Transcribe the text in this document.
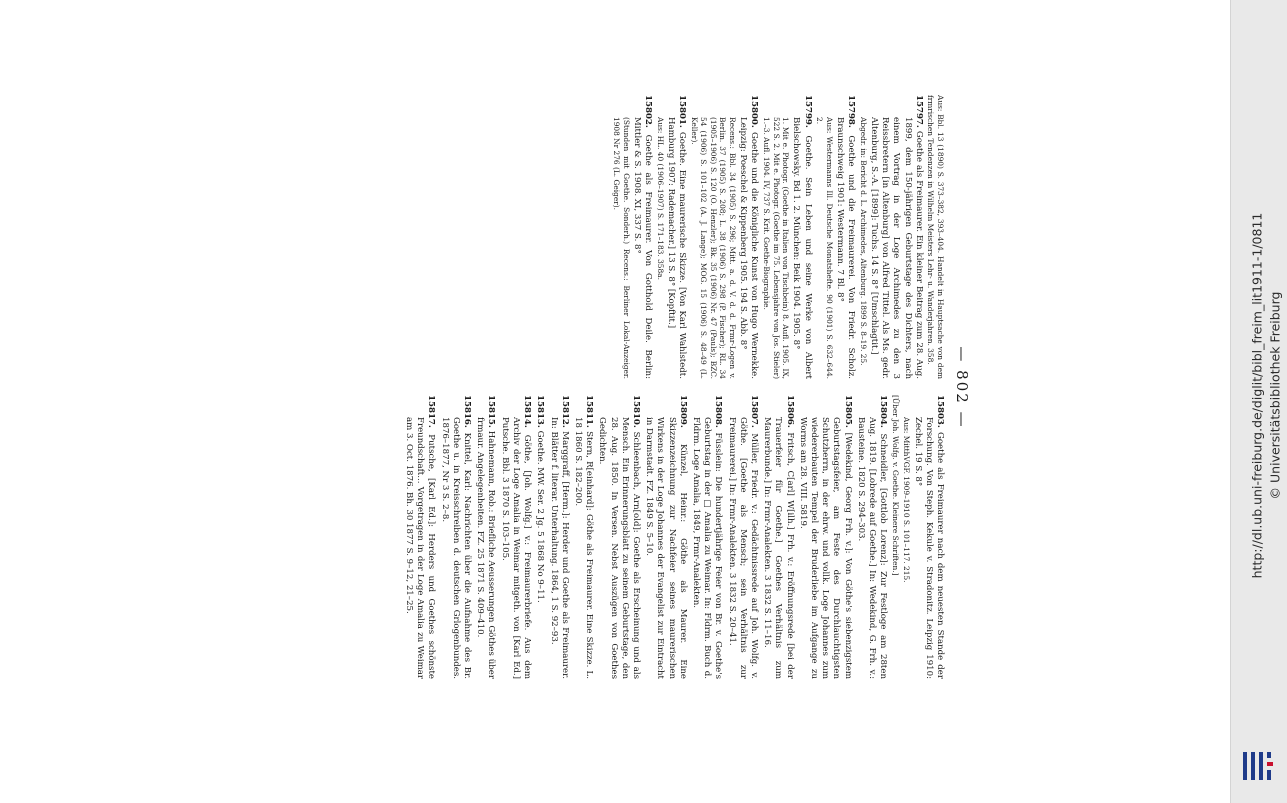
— 802 —
Aus: Bbl. 13 (1890) S. 373–382, 393–404. Handelt in Hauptsache von dem frmrischen Tendenzen in Wilhelm Meisters Lehr- u. Wanderjahren. 358.
15797. Goethe als Freimaurer. Ein kleiner Beitrag zum 28. Aug. 1899, dem 150-jährigen Geburtstage des Dichters, nach einem Vortrag in der Loge Archimedes zu den 3 Reissbretern [in Altenburg] von Alfred Tittel. Als Ms. gedr. Altenburg, S.-A. [1899]: Tuchs. 14 S. 8° [Umschlagtit.]
Abgedr. in: Bericht d. L. Archimedes, Altenburg. 1899 S. 8–19. 25.
15798. Goethe und die Freimaurerei. Von Friedr. Scholz. Braunschweig 1901: Westermann. 7 Bl. 8°
Aus: Westermanns Ill. Deutsche Monatshefte. 90 (1901) S. 632–644. 2.
15799. Goethe. Sein Leben und seine Werke von Albert Bielschowsky. Bd 1. 2. München: Beik 1904. 1905. 8°
1. Mit e. Photogr. (Goethe in Italien von Tischbein) 8. Aufl. 1905. IX, 522 S. 2. Mit e. Photogr. (Goethe im 75. Lebensjahre von Jos. Stieler) 1.–3. Aufl. 1904. IV, 737 S. Krit. Goethe-Biographie.
15800. Goethe und die Königliche Kunst von Hugo Wernekke. Leipzig: Poeschel & Kippenberg 1905. 194 S. Abb. 8°
Recens.: Bbl. 34 (1905) S. 296; Mitt. a. d. V. d. d. Frmr-Logen v. Berlin. 37 (1905) S. 208; L. 38 (1906) S. 298 (P. Fischer); RL. 34 (1905–1906) S. 120 (O. Henzler); Bk. 35 (1906) Nr. 47 (Pauls); BZC. 54 (1906) S. 101–102 (A. J. Lange); MOG. 15 (1906) S. 48–49 (L. Keller).
15801. Goethe. Eine maurerische Skizze. [Von Karl Wahlstedt. Hamburg 1907: Rademacher.] 13 S. 8° [Kopftit.]
Aus: HL. 40 (1906–1907) S. 171–183. 358a.
15802. Goethe als Freimaurer. Von Gotthold Deile. Berlin: Mittler & S. 1908. XI, 337 S. 8°
(Stunden mit Goethe. Sonderh.) Recens.: Berliner Lokal-Anzeiger. 1908 Nr 276 (L. Geiger).
15803. Goethe als Freimaurer nach dem neuesten Stande der Forschung. Von Steph. Kekule v. Stradonitz. Leipzig 1910: Zechel. 19 S. 8°
Aus: MitthVGF. 1909–1910 S. 101–117. 215.
[Über Joh. Wolfg. v. Goethe. Kleinere Schriften.]
15804. Schneidler, [Gottlob Lorenz]: Zur Festloge am 28ten Aug. 1819. [Lobrede auf Goethe.] In: Wedekind, G. Frh. v.: Bausteine. 1820 S. 294–303.
15805. [Wedekind, Georg Frh. v.]: Von Göthe's siebenzigstem Geburtstagsfeier, am Feste des Durchlauchtigsten Schutzherrn, in der ehrw. und vollk. Loge Johannes zum wiedererbauten Tempel der Bruderliebe im Aufgange zu Worms am 28. VIII. 5819.
15806. Fritsch, C[arl] W[ilh.] Frh. v.: Eröffnungsrede [bei der Trauerfeier für Goethe.] Goethes Verhältnis zum Maurerbunde.] In: Frmr-Analekten. 3 1832 S. 11–16.
15807. Müller, Friedr. v.: Gedächtnissrede auf Joh. Wolfg. v. Göthe. [Goethe als Mensch; sein Verhältnis zur Freimaurerei.] In: Frmr-Analekten. 3 1832 S. 20–41.
15808. Füsslein: Die hundertjährige Feier von Br. v. Goethe's Geburtstag in der □ Amalia zu Weimar. In: Fldrm. Buch d. Fldrm. Loge Amalia, 1849, Frmr-Analekten.
15809. Künzel, Heinr.: Göthe als Maurer. Eine Skizzenzeichnung zur Nachfeier seines maurerischen Wirkens in der Loge Johannes der Evangelist zur Eintracht in Darmstadt. FZ. 1849 S. 5–10.
15810. Schleenbach, Arn[old]: Goethe als Erscheinung und als Mensch. Ein Erinnerungsblatt zu seinem Geburtstage, den 28. Aug. 1850. In Versen. Nebst Auszügen von Goethes Gedichten.
15811. Stern, R[einhard]: Göthe als Freimaurer. Eine Skizze. L. 18 1860 S. 182–200.
15812. Marggraff, [Herm.]: Herder und Goethe als Freimaurer. In: Blätter f. literar. Unterhaltung. 1864, 1 S. 92–93.
15813. Goethe. MW. Ser. 2 Jg. 5 1868 No 9–11.
15814. Göthe, [Joh. Wolfg.] v.: Freimaurerbriefe. Aus dem Archiv der Loge Amalia in Weimar mitgeth. von [Karl Ed.] Putsche. Bbl. 3 1870 S. 103–105.
15815. Hahnemann, Rob.: Briefliche Aeusserungen Göthes über frmaur. Angelegenheiten. FZ. 25 1871 S. 409–410.
15816. Knittel, Karl: Nachrichten über die Aufnahme des Br. Goethe u. in Kreisschreiben d. deutschen Grlogenbundes. 1876–1877, Nr 3 S. 2–8.
15817. Putsche, [Karl Ed.]: Herders und Goethes schönste Freundschaft... Vorgetragen in der Loge Amalia zu Weimar am 3. Oct. 1876. Bh. 30 1877 S. 9–12, 21–25.	http://dl.ub.uni-freiburg.de/diglit/bibl_freim_lit1911-1/0811 © Universitätsbibliothek Freiburg
